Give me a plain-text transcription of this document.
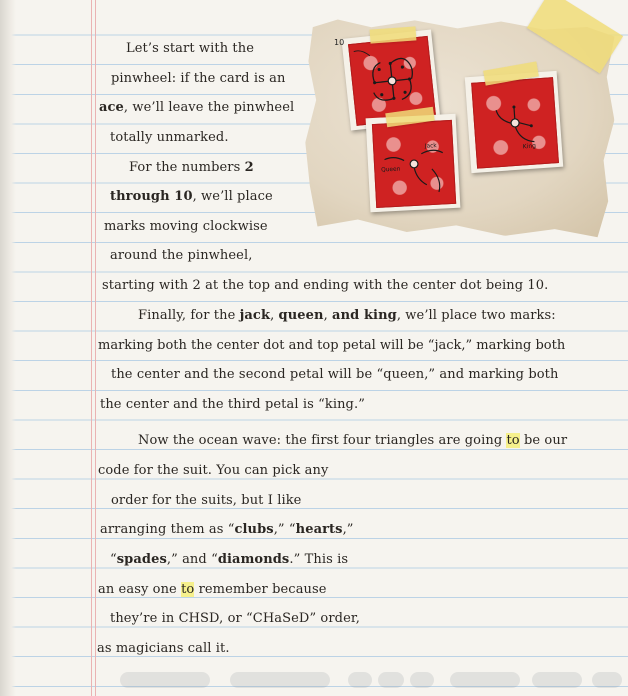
10
Queen
Jack	King
Let’s start with the
pinwheel: if the card is an
ace, we’ll leave the pinwheel
totally unmarked.
For the numbers 2
through 10, we’ll place
marks moving clockwise
around the pinwheel,
starting with 2 at the top and ending with the center dot being 10.
Finally, for the jack, queen, and king, we’ll place two marks:
marking both the center dot and top petal will be “jack,” marking both
the center and the second petal will be “queen,” and marking both
the center and the third petal is “king.”
Now the ocean wave: the first four triangles are going to be our
code for the suit. You can pick any
order for the suits, but I like
arranging them as “clubs,” “hearts,”
“spades,” and “diamonds.” This is
an easy one to remember because
they’re in CHSD, or “CHaSeD” order,
as magicians call it.
